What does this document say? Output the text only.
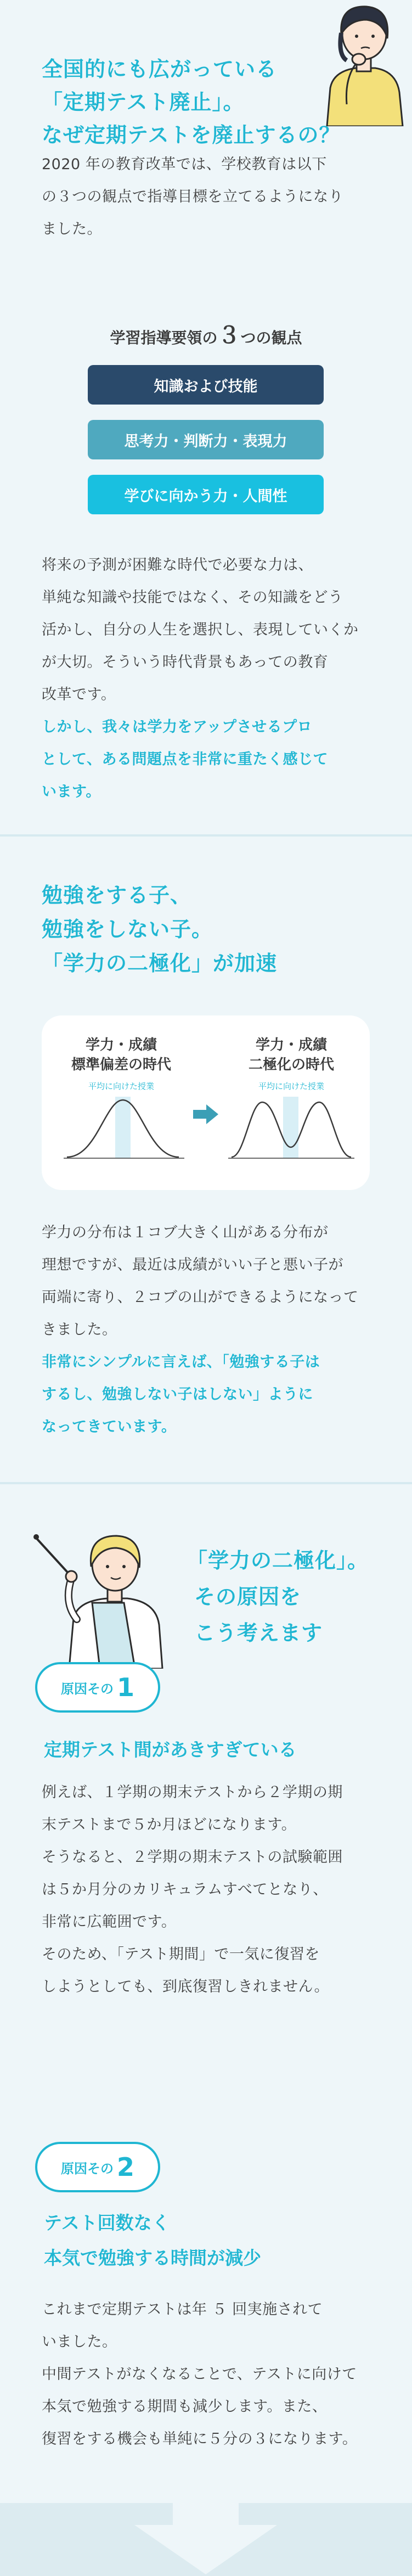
全国的にも広がっている
「定期テスト廃止」。
なぜ定期テストを廃止するの？
2020 年の教育改革では、学校教育は以下
の３つの観点で指導目標を立てるようになり
ました。
学習指導要領の３つの観点
知識および技能
思考力・判断力・表現力
学びに向かう力・人間性
将来の予測が困難な時代で必要な力は、
単純な知識や技能ではなく、その知識をどう
活かし、自分の人生を選択し、表現していくか
が大切。そういう時代背景もあっての教育
改革です。
しかし、我々は学力をアップさせるプロ
として、ある問題点を非常に重たく感じて
います。
勉強をする子、
勉強をしない子。
「学力の二極化」が加速
学力・成績
標準偏差の時代
平均に向けた授業
学力・成績
二極化の時代
平均に向けた授業
学力の分布は１コブ大きく山がある分布が
理想ですが、最近は成績がいい子と悪い子が
両端に寄り、２コブの山ができるようになって
きました。
非常にシンプルに言えば、「勉強する子は
するし、勉強しない子はしない」ように
なってきています。
「学力の二極化」。
その原因を
こう考えます
原因その 1
定期テスト間があきすぎている
例えば、１学期の期末テストから２学期の期
末テストまで５か月ほどになります。
そうなると、２学期の期末テストの試験範囲
は５か月分のカリキュラムすべてとなり、
非常に広範囲です。
そのため、「テスト期間」で一気に復習を
しようとしても、到底復習しきれません。
原因その 2
テスト回数なく
本気で勉強する時間が減少
これまで定期テストは年 ５ 回実施されて
いました。
中間テストがなくなることで、テストに向けて
本気で勉強する期間も減少します。また、
復習をする機会も単純に５分の３になります。
